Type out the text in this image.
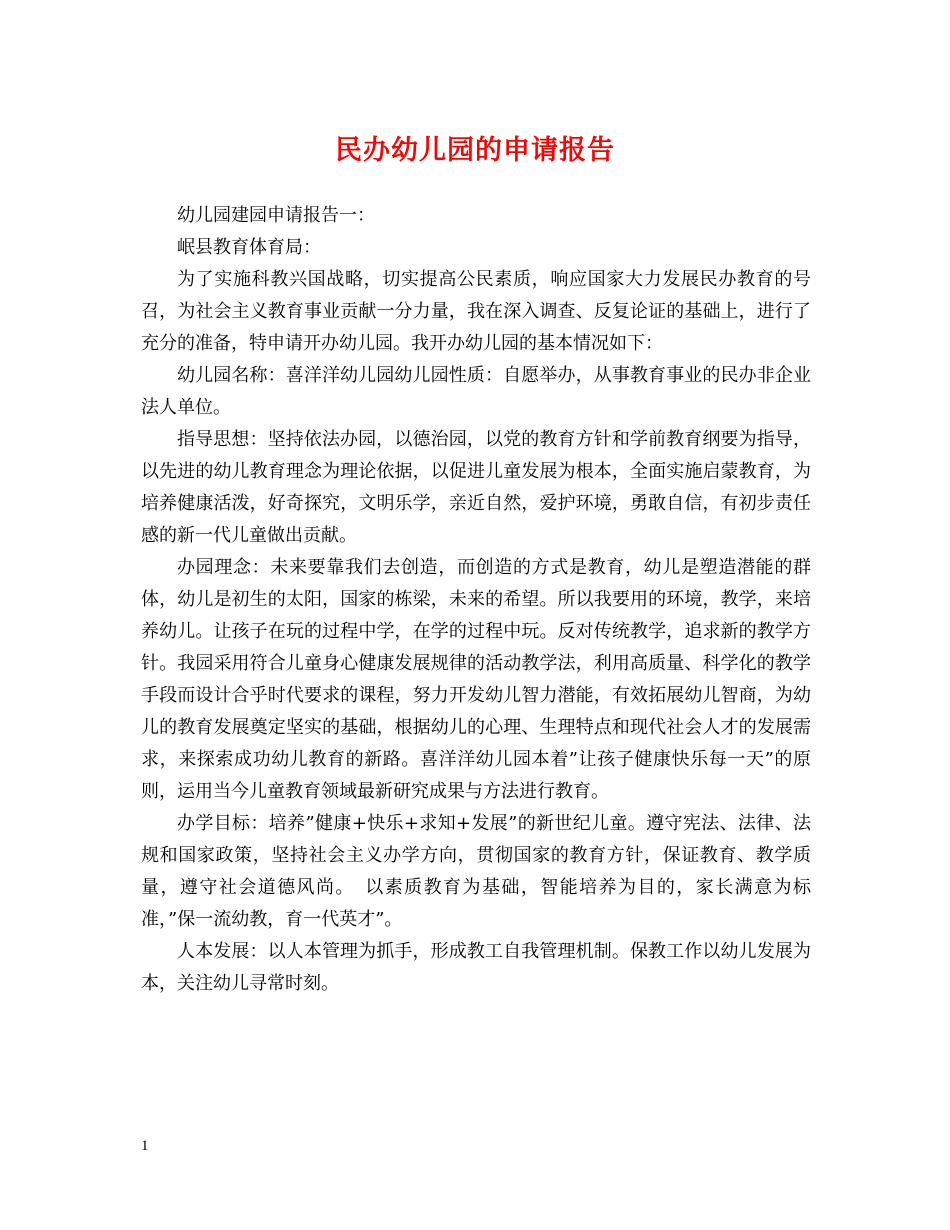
民办幼儿园的申请报告

幼儿园建园申请报告一：

岷县教育体育局：

为了实施科教兴国战略，切实提高公民素质，响应国家大力发展民办教育的号召，为社会主义教育事业贡献一分力量，我在深入调查、反复论证的基础上，进行了充分的准备，特申请开办幼儿园。我开办幼儿园的基本情况如下：

幼儿园名称：喜洋洋幼儿园幼儿园性质：自愿举办，从事教育事业的民办非企业法人单位。

指导思想：坚持依法办园，以德治园，以党的教育方针和学前教育纲要为指导，以先进的幼儿教育理念为理论依据，以促进儿童发展为根本，全面实施启蒙教育，为培养健康活泼，好奇探究，文明乐学，亲近自然，爱护环境，勇敢自信，有初步责任感的新一代儿童做出贡献。

办园理念：未来要靠我们去创造，而创造的方式是教育，幼儿是塑造潜能的群体，幼儿是初生的太阳，国家的栋梁，未来的希望。所以我要用的环境，教学，来培养幼儿。让孩子在玩的过程中学，在学的过程中玩。反对传统教学，追求新的教学方针。我园采用符合儿童身心健康发展规律的活动教学法，利用高质量、科学化的教学手段而设计合乎时代要求的课程，努力开发幼儿智力潜能，有效拓展幼儿智商，为幼儿的教育发展奠定坚实的基础，根据幼儿的心理、生理特点和现代社会人才的发展需求，来探索成功幼儿教育的新路。喜洋洋幼儿园本着”让孩子健康快乐每一天”的原则，运用当今儿童教育领域最新研究成果与方法进行教育。

办学目标：培养”健康+快乐+求知+发展”的新世纪儿童。遵守宪法、法律、法规和国家政策，坚持社会主义办学方向，贯彻国家的教育方针，保证教育、教学质量，遵守社会道德风尚。　以素质教育为基础，智能培养为目的，家长满意为标准，”保一流幼教，育一代英才”。

人本发展：以人本管理为抓手，形成教工自我管理机制。保教工作以幼儿发展为本，关注幼儿寻常时刻。

1
